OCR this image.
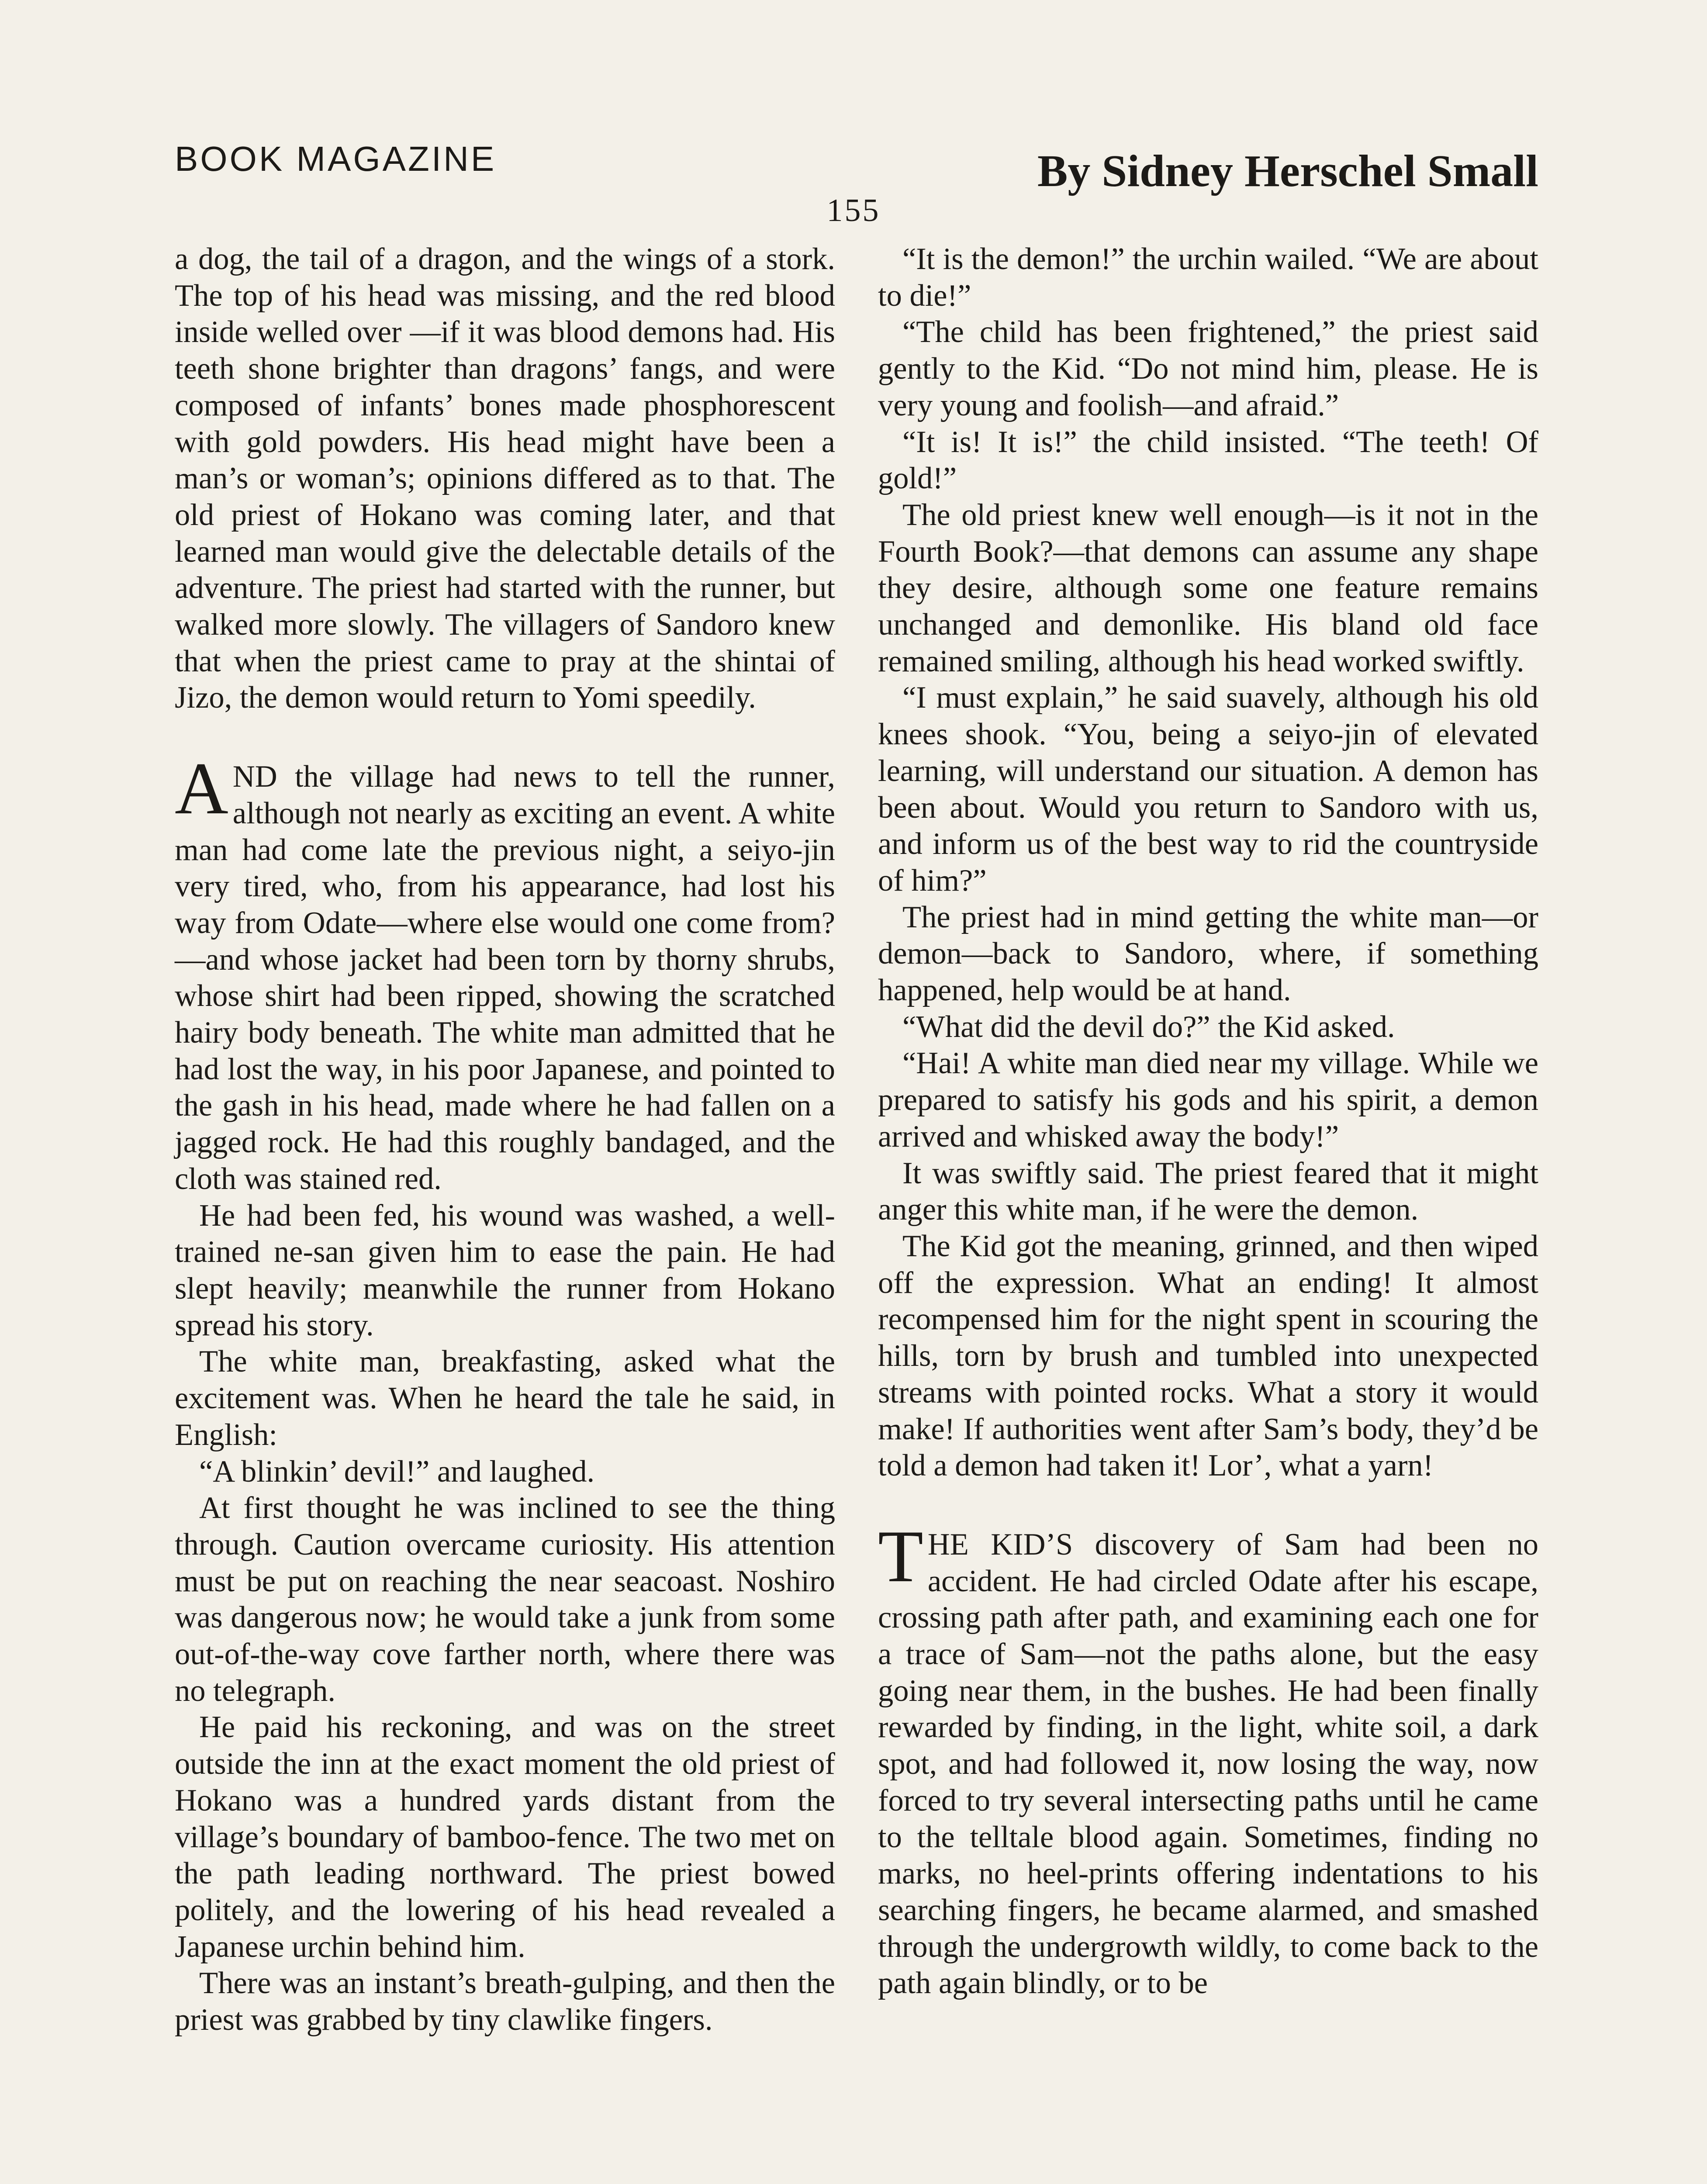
BOOK MAGAZINE	By Sidney Herschel Small
155

a dog, the tail of a dragon, and the wings of a stork. The top of his head was missing, and the red blood inside welled over —if it was blood demons had. His teeth shone brighter than dragons’ fangs, and were composed of infants’ bones made phosphorescent with gold powders. His head might have been a man’s or woman’s; opinions differed as to that. The old priest of Hokano was coming later, and that learned man would give the delectable details of the adventure. The priest had started with the runner, but walked more slowly. The villagers of Sandoro knew that when the priest came to pray at the shintai of Jizo, the demon would return to Yomi speedily.

AND the village had news to tell the runner, although not nearly as exciting an event. A white man had come late the previous night, a seiyo-jin very tired, who, from his appearance, had lost his way from Odate—where else would one come from? —and whose jacket had been torn by thorny shrubs, whose shirt had been ripped, showing the scratched hairy body beneath. The white man admitted that he had lost the way, in his poor Japanese, and pointed to the gash in his head, made where he had fallen on a jagged rock. He had this roughly bandaged, and the cloth was stained red.

He had been fed, his wound was washed, a well-trained ne-san given him to ease the pain. He had slept heavily; meanwhile the runner from Hokano spread his story.

The white man, breakfasting, asked what the excitement was. When he heard the tale he said, in English:

“A blinkin’ devil!” and laughed.

At first thought he was inclined to see the thing through. Caution overcame curiosity. His attention must be put on reaching the near seacoast. Noshiro was dangerous now; he would take a junk from some out-of-the-way cove farther north, where there was no telegraph.

He paid his reckoning, and was on the street outside the inn at the exact moment the old priest of Hokano was a hundred yards distant from the village’s boundary of bamboo-fence. The two met on the path leading northward. The priest bowed politely, and the lowering of his head revealed a Japanese urchin behind him.

There was an instant’s breath-gulping, and then the priest was grabbed by tiny clawlike fingers.

“It is the demon!” the urchin wailed. “We are about to die!”

“The child has been frightened,” the priest said gently to the Kid. “Do not mind him, please. He is very young and foolish—and afraid.”

“It is! It is!” the child insisted. “The teeth! Of gold!”

The old priest knew well enough—is it not in the Fourth Book?—that demons can assume any shape they desire, although some one feature remains unchanged and demonlike. His bland old face remained smiling, although his head worked swiftly.

“I must explain,” he said suavely, although his old knees shook. “You, being a seiyo-jin of elevated learning, will understand our situation. A demon has been about. Would you return to Sandoro with us, and inform us of the best way to rid the countryside of him?”

The priest had in mind getting the white man—or demon—back to Sandoro, where, if something happened, help would be at hand.

“What did the devil do?” the Kid asked.

“Hai! A white man died near my village. While we prepared to satisfy his gods and his spirit, a demon arrived and whisked away the body!”

It was swiftly said. The priest feared that it might anger this white man, if he were the demon.

The Kid got the meaning, grinned, and then wiped off the expression. What an ending! It almost recompensed him for the night spent in scouring the hills, torn by brush and tumbled into unexpected streams with pointed rocks. What a story it would make! If authorities went after Sam’s body, they’d be told a demon had taken it! Lor’, what a yarn!

THE KID’S discovery of Sam had been no accident. He had circled Odate after his escape, crossing path after path, and examining each one for a trace of Sam—not the paths alone, but the easy going near them, in the bushes. He had been finally rewarded by finding, in the light, white soil, a dark spot, and had followed it, now losing the way, now forced to try several intersecting paths until he came to the telltale blood again. Sometimes, finding no marks, no heel-prints offering indentations to his searching fingers, he became alarmed, and smashed through the undergrowth wildly, to come back to the path again blindly, or to be
